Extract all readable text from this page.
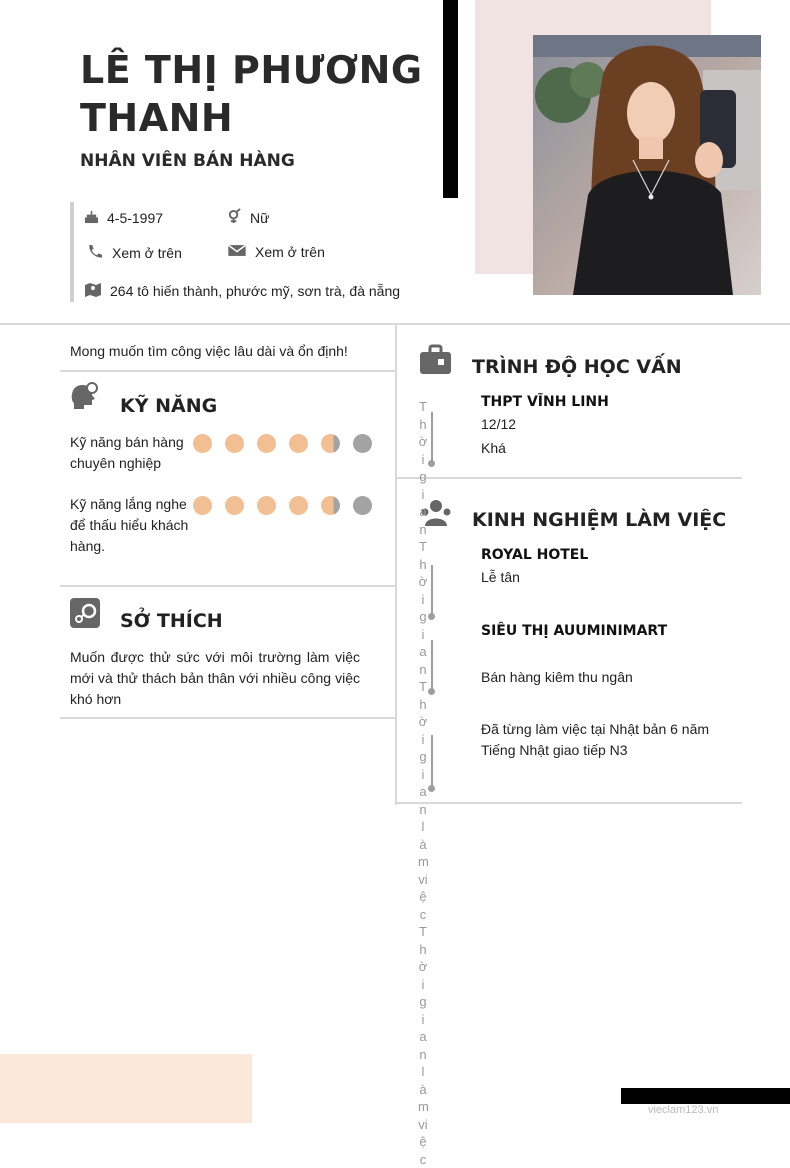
vieclam123.vn
LÊ THỊ PHƯƠNG THANH
NHÂN VIÊN BÁN HÀNG
4-5-1997	Nữ
Xem ở trên	Xem ở trên
264 tô hiến thành, phước mỹ, sơn trà, đà nẵng
Mong muốn tìm công việc lâu dài và ổn định!
KỸ NĂNG
Kỹ năng bán hàng chuyên nghiệp
Kỹ năng lắng nghe để thấu hiểu khách hàng.
SỞ THÍCH
Muốn được thử sức với môi trường làm việc mới và thử thách bản thân với nhiều công việc khó hơn
TRÌNH ĐỘ HỌC VẤN
THPT VĨNH LINH
12/12
Khá
KINH NGHIỆM LÀM VIỆC
ROYAL HOTEL
Lễ tân
SIÊU THỊ AUUMINIMART
Bán hàng kiêm thu ngân
Đã từng làm việc tại Nhật bản 6 năm
Tiếng Nhật giao tiếp N3
Thời gian Thời gian Thời gian làm việc Thời gian làm việc
